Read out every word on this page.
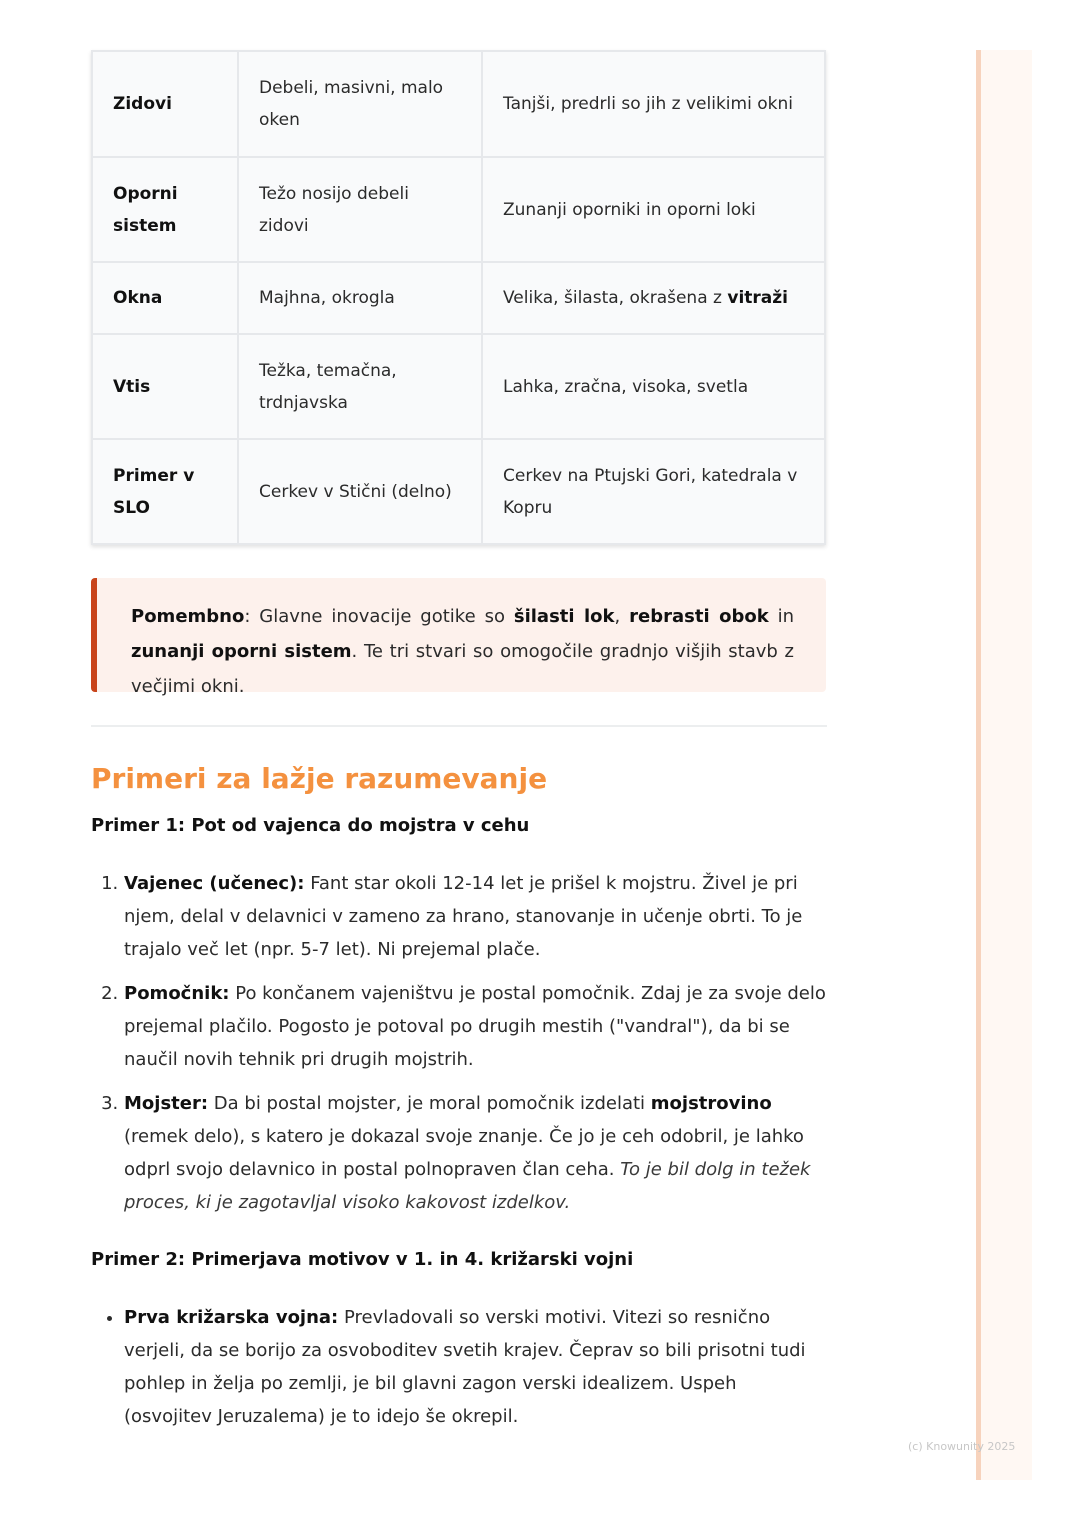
Zidovi	Debeli, masivni, malo oken	Tanjši, predrli so jih z velikimi okni
Oporni sistem	Težo nosijo debeli zidovi	Zunanji oporniki in oporni loki
Okna	Majhna, okrogla	Velika, šilasta, okrašena z vitraži
Vtis	Težka, temačna, trdnjavska	Lahka, zračna, visoka, svetla
Primer v SLO	Cerkev v Stični (delno)	Cerkev na Ptujski Gori, katedrala v Kopru
Pomembno: Glavne inovacije gotike so šilasti lok, rebrasti obok in zunanji oporni sistem. Te tri stvari so omogočile gradnjo višjih stavb z večjimi okni.
Primeri za lažje razumevanje
Primer 1: Pot od vajenca do mojstra v cehu
1. Vajenec (učenec): Fant star okoli 12-14 let je prišel k mojstru. Živel je pri njem, delal v delavnici v zameno za hrano, stanovanje in učenje obrti. To je trajalo več let (npr. 5-7 let). Ni prejemal plače.
2. Pomočnik: Po končanem vajeništvu je postal pomočnik. Zdaj je za svoje delo prejemal plačilo. Pogosto je potoval po drugih mestih ("vandral"), da bi se naučil novih tehnik pri drugih mojstrih.
3. Mojster: Da bi postal mojster, je moral pomočnik izdelati mojstrovino (remek delo), s katero je dokazal svoje znanje. Če jo je ceh odobril, je lahko odprl svojo delavnico in postal polnopraven član ceha. To je bil dolg in težek proces, ki je zagotavljal visoko kakovost izdelkov.
Primer 2: Primerjava motivov v 1. in 4. križarski vojni
• Prva križarska vojna: Prevladovali so verski motivi. Vitezi so resnično verjeli, da se borijo za osvoboditev svetih krajev. Čeprav so bili prisotni tudi pohlep in želja po zemlji, je bil glavni zagon verski idealizem. Uspeh (osvojitev Jeruzalema) je to idejo še okrepil.
(c) Knowunity 2025
